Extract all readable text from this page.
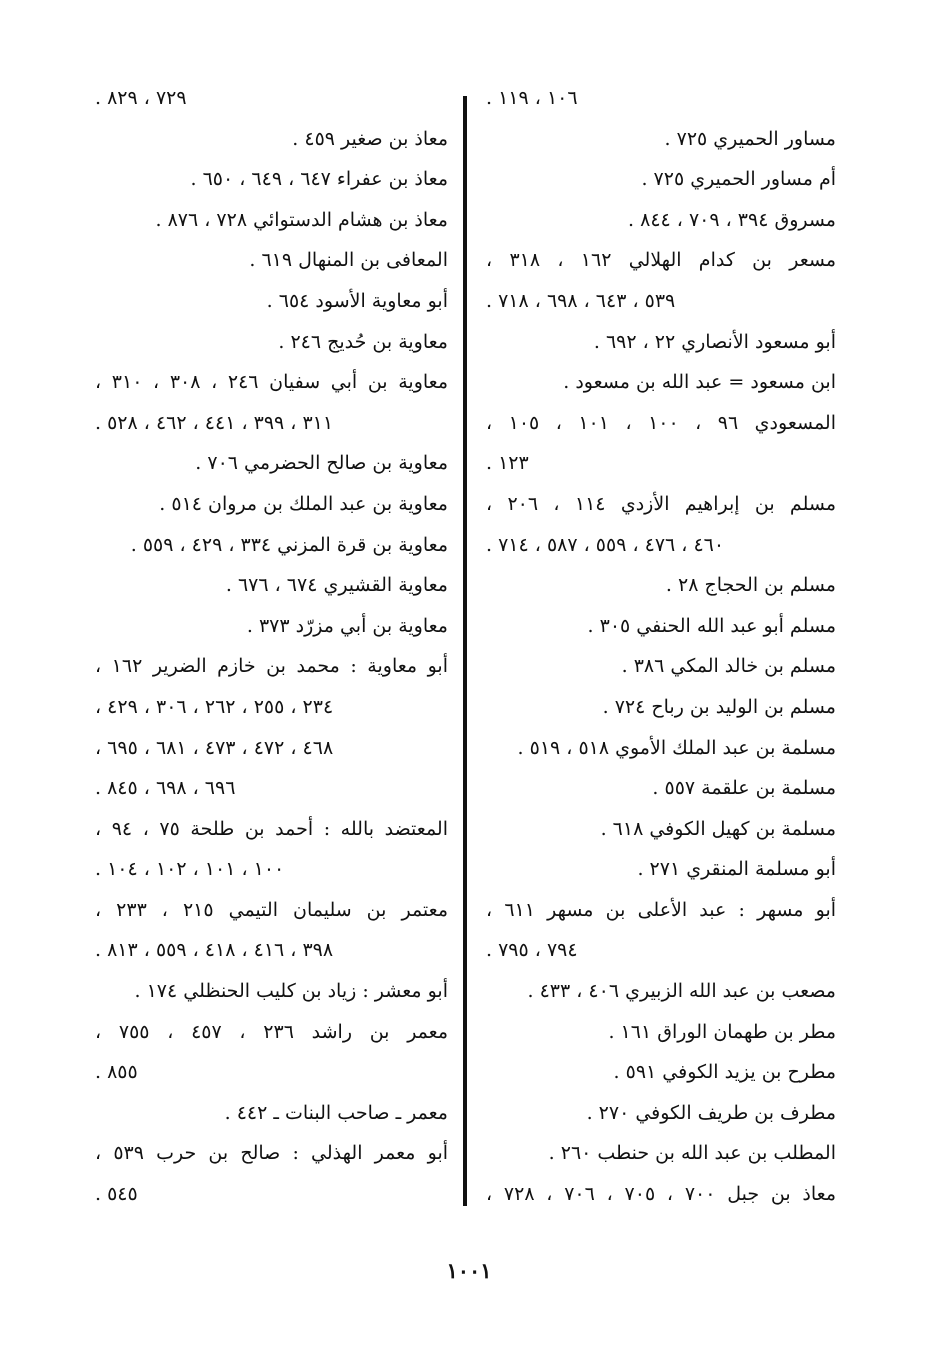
١٠٦ ، ١١٩ .
مساور الحميري ٧٢٥ .
أم مساور الحميري ٧٢٥ .
مسروق ٣٩٤ ، ٧٠٩ ، ٨٤٤ .
مسعر بن كدام الهلالي ١٦٢ ، ٣١٨ ،
٥٣٩ ، ٦٤٣ ، ٦٩٨ ، ٧١٨ .
أبو مسعود الأنصاري ٢٢ ، ٦٩٢ .
ابن مسعود = عبد الله بن مسعود .
المسعودي ٩٦ ، ١٠٠ ، ١٠١ ، ١٠٥ ،
١٢٣ .
مسلم بن إبراهيم الأزدي ١١٤ ، ٢٠٦ ،
٤٦٠ ، ٤٧٦ ، ٥٥٩ ، ٥٨٧ ، ٧١٤ .
مسلم بن الحجاج ٢٨ .
مسلم أبو عبد الله الحنفي ٣٠٥ .
مسلم بن خالد المكي ٣٨٦ .
مسلم بن الوليد بن رباح ٧٢٤ .
مسلمة بن عبد الملك الأموي ٥١٨ ، ٥١٩ .
مسلمة بن علقمة ٥٥٧ .
مسلمة بن كهيل الكوفي ٦١٨ .
أبو مسلمة المنقري ٢٧١ .
أبو مسهر : عبد الأعلى بن مسهر ٦١١ ،
٧٩٤ ، ٧٩٥ .
مصعب بن عبد الله الزبيري ٤٠٦ ، ٤٣٣ .
مطر بن طهمان الوراق ١٦١ .
مطرح بن يزيد الكوفي ٥٩١ .
مطرف بن طريف الكوفي ٢٧٠ .
المطلب بن عبد الله بن حنطب ٢٦٠ .
معاذ بن جبل ٧٠٠ ، ٧٠٥ ، ٧٠٦ ، ٧٢٨ ،
٧٢٩ ، ٨٢٩ .
معاذ بن صغير ٤٥٩ .
معاذ بن عفراء ٦٤٧ ، ٦٤٩ ، ٦٥٠ .
معاذ بن هشام الدستوائي ٧٢٨ ، ٨٧٦ .
المعافى بن المنهال ٦١٩ .
أبو معاوية الأسود ٦٥٤ .
معاوية بن حُديج ٢٤٦ .
معاوية بن أبي سفيان ٢٤٦ ، ٣٠٨ ، ٣١٠ ،
٣١١ ، ٣٩٩ ، ٤٤١ ، ٤٦٢ ، ٥٢٨ .
معاوية بن صالح الحضرمي ٧٠٦ .
معاوية بن عبد الملك بن مروان ٥١٤ .
معاوية بن قرة المزني ٣٣٤ ، ٤٢٩ ، ٥٥٩ .
معاوية القشيري ٦٧٤ ، ٦٧٦ .
معاوية بن أبي مزرّد ٣٧٣ .
أبو معاوية : محمد بن خازم الضرير ١٦٢ ،
٢٣٤ ، ٢٥٥ ، ٢٦٢ ، ٣٠٦ ، ٤٢٩ ،
٤٦٨ ، ٤٧٢ ، ٤٧٣ ، ٦٨١ ، ٦٩٥ ،
٦٩٦ ، ٦٩٨ ، ٨٤٥ .
المعتضد بالله : أحمد بن طلحة ٧٥ ، ٩٤ ،
١٠٠ ، ١٠١ ، ١٠٢ ، ١٠٤ .
معتمر بن سليمان التيمي ٢١٥ ، ٢٣٣ ،
٣٩٨ ، ٤١٦ ، ٤١٨ ، ٥٥٩ ، ٨١٣ .
أبو معشر : زياد بن كليب الحنظلي ١٧٤ .
معمر بن راشد ٢٣٦ ، ٤٥٧ ، ٧٥٥ ،
٨٥٥ .
معمر ـ صاحب البنات ـ ٤٤٢ .
أبو معمر الهذلي : صالح بن حرب ٥٣٩ ،
٥٤٥ .
١٠٠١
